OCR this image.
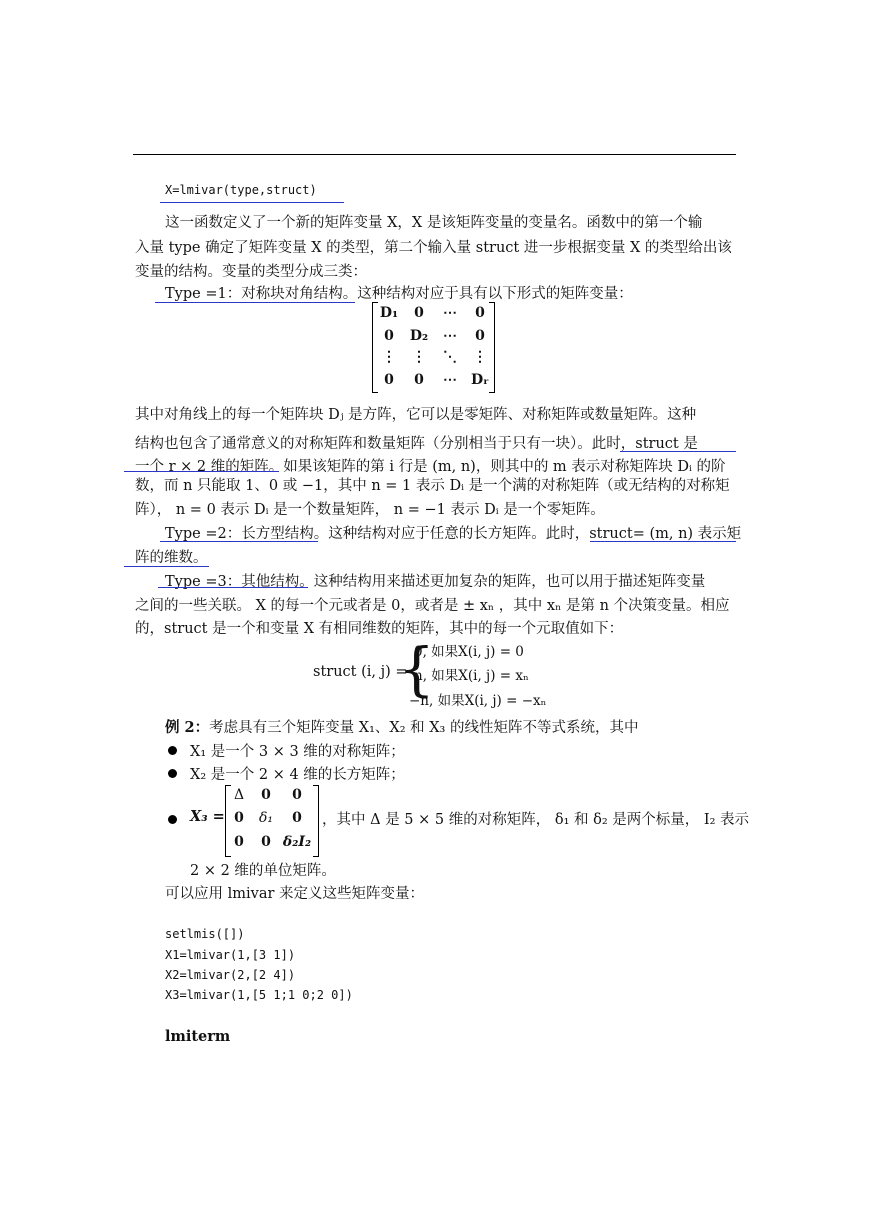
X=lmivar(type,struct)
这一函数定义了一个新的矩阵变量 X，X 是该矩阵变量的变量名。函数中的第一个输
入量 type 确定了矩阵变量 X 的类型，第二个输入量 struct 进一步根据变量 X 的类型给出该
变量的结构。变量的类型分成三类：
Type =1：对称块对角结构。这种结构对应于具有以下形式的矩阵变量：
D₁	0	⋯	0
0	D₂	⋯	0
⋮	⋮	⋱	⋮
0	0	⋯	Dᵣ
其中对角线上的每一个矩阵块 Dⱼ 是方阵，它可以是零矩阵、对称矩阵或数量矩阵。这种
结构也包含了通常意义的对称矩阵和数量矩阵（分别相当于只有一块）。此时，struct 是
一个 r × 2 维的矩阵。如果该矩阵的第 i 行是 (m, n)，则其中的 m 表示对称矩阵块 Dᵢ 的阶
数，而 n 只能取 1、0 或 −1，其中 n = 1 表示 Dᵢ 是一个满的对称矩阵（或无结构的对称矩
阵）， n = 0 表示 Dᵢ 是一个数量矩阵， n = −1 表示 Dᵢ 是一个零矩阵。
Type =2：长方型结构。这种结构对应于任意的长方矩阵。此时，struct= (m, n) 表示矩
阵的维数。
Type =3：其他结构。这种结构用来描述更加复杂的矩阵，也可以用于描述矩阵变量
之间的一些关联。 X 的每一个元或者是 0，或者是 ± xₙ ，其中 xₙ 是第 n 个决策变量。相应
的，struct 是一个和变量 X 有相同维数的矩阵，其中的每一个元取值如下：
struct (i, j) =
{
0, 如果X(i, j) = 0
n, 如果X(i, j) = xₙ
−n, 如果X(i, j) = −xₙ
例 2：考虑具有三个矩阵变量 X₁、X₂ 和 X₃ 的线性矩阵不等式系统，其中
X₁ 是一个 3 × 3 维的对称矩阵；
X₂ 是一个 2 × 4 维的长方矩阵；
X₃ =
Δ	0	0
0	δ₁	0
0	0 δ₂I₂
，其中 Δ 是 5 × 5 维的对称矩阵， δ₁ 和 δ₂ 是两个标量， I₂ 表示
2 × 2 维的单位矩阵。
可以应用 lmivar 来定义这些矩阵变量：
setlmis([])
X1=lmivar(1,[3 1])
X2=lmivar(2,[2 4])
X3=lmivar(1,[5 1;1 0;2 0])
lmiterm
